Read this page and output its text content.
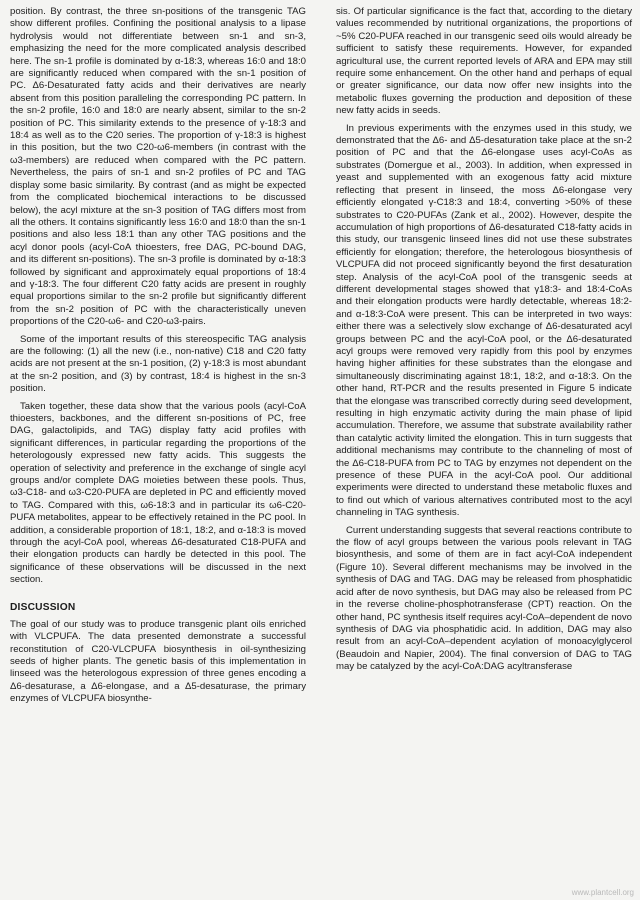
position. By contrast, the three sn-positions of the transgenic TAG show different profiles. Confining the positional analysis to a lipase hydrolysis would not differentiate between sn-1 and sn-3, emphasizing the need for the more complicated analysis described here. The sn-1 profile is dominated by α-18:3, whereas 16:0 and 18:0 are significantly reduced when compared with the sn-1 position of PC. Δ6-Desaturated fatty acids and their derivatives are nearly absent from this position paralleling the corresponding PC pattern. In the sn-2 profile, 16:0 and 18:0 are nearly absent, similar to the sn-2 position of PC. This similarity extends to the presence of γ-18:3 and 18:4 as well as to the C20 series. The proportion of γ-18:3 is highest in this position, but the two C20-ω6-members (in contrast with the ω3-members) are reduced when compared with the PC pattern. Nevertheless, the pairs of sn-1 and sn-2 profiles of PC and TAG display some basic similarity. By contrast (and as might be expected from the complicated biochemical interactions to be discussed below), the acyl mixture at the sn-3 position of TAG differs most from all the others. It contains significantly less 16:0 and 18:0 than the sn-1 positions and also less 18:1 than any other TAG positions and the acyl donor pools (acyl-CoA thioesters, free DAG, PC-bound DAG, and its different sn-positions). The sn-3 profile is dominated by α-18:3 followed by significant and approximately equal proportions of 18:4 and γ-18:3. The four different C20 fatty acids are present in roughly equal proportions similar to the sn-2 profile but significantly different from the sn-2 position of PC with the characteristically uneven proportions of the C20-ω6- and C20-ω3-pairs.

Some of the important results of this stereospecific TAG analysis are the following: (1) all the new (i.e., non-native) C18 and C20 fatty acids are not present at the sn-1 position, (2) γ-18:3 is most abundant at the sn-2 position, and (3) by contrast, 18:4 is highest in the sn-3 position.

Taken together, these data show that the various pools (acyl-CoA thioesters, backbones, and the different sn-positions of PC, free DAG, galactolipids, and TAG) display fatty acid profiles with significant differences, in particular regarding the proportions of the heterologously expressed new fatty acids. This suggests the operation of selectivity and preference in the exchange of single acyl groups and/or complete DAG moieties between these pools. Thus, ω3-C18- and ω3-C20-PUFA are depleted in PC and efficiently moved to TAG. Compared with this, ω6-18:3 and in particular its ω6-C20-PUFA metabolites, appear to be effectively retained in the PC pool. In addition, a considerable proportion of 18:1, 18:2, and α-18:3 is moved through the acyl-CoA pool, whereas Δ6-desaturated C18-PUFA and their elongation products can hardly be detected in this pool. The significance of these observations will be discussed in the next section.

DISCUSSION

The goal of our study was to produce transgenic plant oils enriched with VLCPUFA. The data presented demonstrate a successful reconstitution of C20-VLCPUFA biosynthesis in oil-synthesizing seeds of higher plants. The genetic basis of this implementation in linseed was the heterologous expression of three genes encoding a Δ6-desaturase, a Δ6-elongase, and a Δ5-desaturase, the primary enzymes of VLCPUFA biosynthe-

sis. Of particular significance is the fact that, according to the dietary values recommended by nutritional organizations, the proportions of ~5% C20-PUFA reached in our transgenic seed oils would already be sufficient to satisfy these requirements. However, for expanded agricultural use, the current reported levels of ARA and EPA may still require some enhancement. On the other hand and perhaps of equal or greater significance, our data now offer new insights into the metabolic fluxes governing the production and deposition of these new fatty acids in seeds.

In previous experiments with the enzymes used in this study, we demonstrated that the Δ6- and Δ5-desaturation take place at the sn-2 position of PC and that the Δ6-elongase uses acyl-CoAs as substrates (Domergue et al., 2003). In addition, when expressed in yeast and supplemented with an exogenous fatty acid mixture reflecting that present in linseed, the moss Δ6-elongase very efficiently elongated γ-C18:3 and 18:4, converting >50% of these substrates to C20-PUFAs (Zank et al., 2002). However, despite the accumulation of high proportions of Δ6-desaturated C18-fatty acids in this study, our transgenic linseed lines did not use these substrates efficiently for elongation; therefore, the heterologous biosynthesis of VLCPUFA did not proceed significantly beyond the first desaturation step. Analysis of the acyl-CoA pool of the transgenic seeds at different developmental stages showed that γ18:3- and 18:4-CoAs and their elongation products were hardly detectable, whereas 18:2- and α-18:3-CoA were present. This can be interpreted in two ways: either there was a selectively slow exchange of Δ6-desaturated acyl groups between PC and the acyl-CoA pool, or the Δ6-desaturated acyl groups were removed very rapidly from this pool by enzymes having higher affinities for these substrates than the elongase and simultaneously discriminating against 18:1, 18:2, and α-18:3. On the other hand, RT-PCR and the results presented in Figure 5 indicate that the elongase was transcribed correctly during seed development, resulting in high enzymatic activity during the main phase of lipid accumulation. Therefore, we assume that substrate availability rather than catalytic activity limited the elongation. This in turn suggests that additional mechanisms may contribute to the channeling of most of the Δ6-C18-PUFA from PC to TAG by enzymes not dependent on the presence of these PUFA in the acyl-CoA pool. Our additional experiments were directed to understand these metabolic fluxes and to find out which of various alternatives contributed most to the acyl channeling in TAG synthesis.

Current understanding suggests that several reactions contribute to the flow of acyl groups between the various pools relevant in TAG biosynthesis, and some of them are in fact acyl-CoA independent (Figure 10). Several different mechanisms may be involved in the synthesis of DAG and TAG. DAG may be released from phosphatidic acid after de novo synthesis, but DAG may also be released from PC in the reverse choline-phosphotransferase (CPT) reaction. On the other hand, PC synthesis itself requires acyl-CoA–dependent de novo synthesis of DAG via phosphatidic acid. In addition, DAG may also result from an acyl-CoA–dependent acylation of monoacylglycerol (Beaudoin and Napier, 2004). The final conversion of DAG to TAG may be catalyzed by the acyl-CoA:DAG acyltransferase

www.plantcell.org
